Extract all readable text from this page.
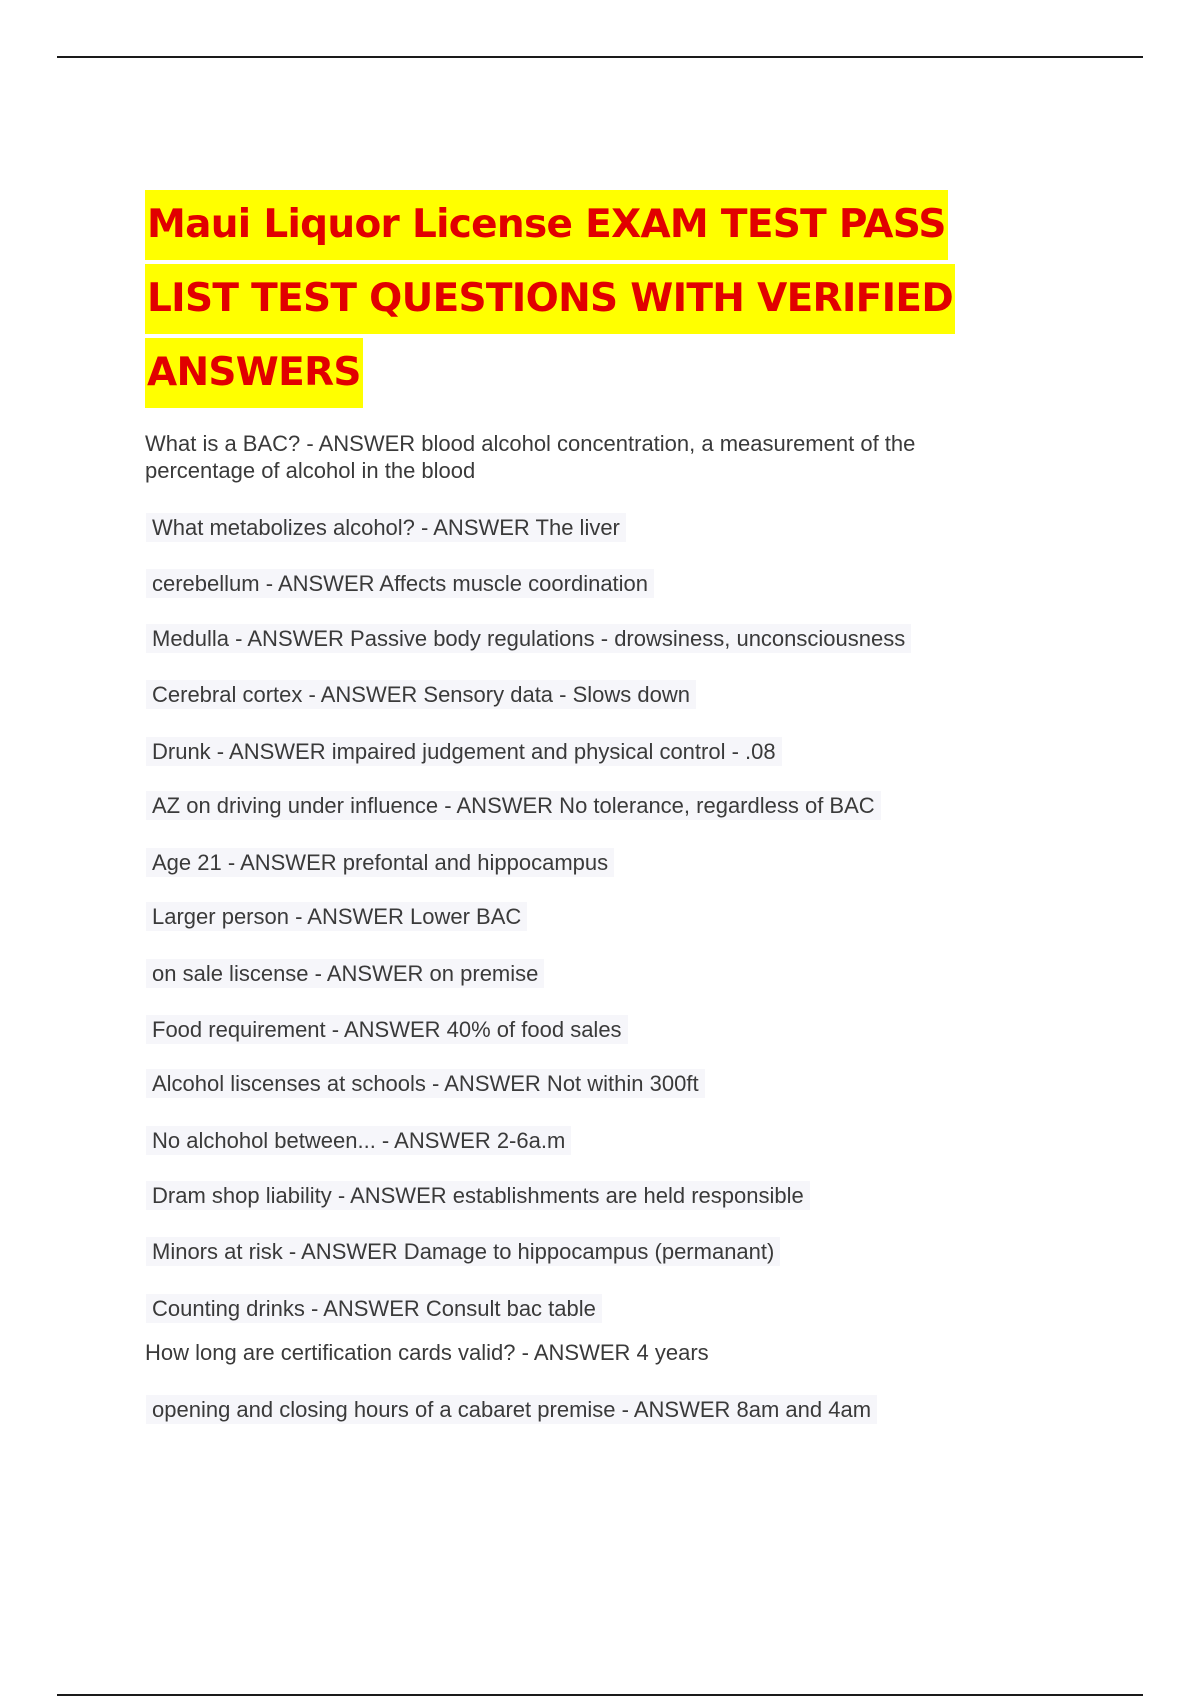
Maui Liquor License EXAM TEST PASS
LIST TEST QUESTIONS WITH VERIFIED
ANSWERS
What is a BAC? - ANSWER blood alcohol concentration, a measurement of the percentage of alcohol in the blood
What metabolizes alcohol? - ANSWER The liver
cerebellum - ANSWER Affects muscle coordination
Medulla - ANSWER Passive body regulations - drowsiness, unconsciousness
Cerebral cortex - ANSWER Sensory data - Slows down
Drunk - ANSWER impaired judgement and physical control - .08
AZ on driving under influence - ANSWER No tolerance, regardless of BAC
Age 21 - ANSWER prefontal and hippocampus
Larger person - ANSWER Lower BAC
on sale liscense - ANSWER on premise
Food requirement - ANSWER 40% of food sales
Alcohol liscenses at schools - ANSWER Not within 300ft
No alchohol between... - ANSWER 2-6a.m
Dram shop liability - ANSWER establishments are held responsible
Minors at risk - ANSWER Damage to hippocampus (permanant)
Counting drinks - ANSWER Consult bac table
How long are certification cards valid? - ANSWER 4 years
opening and closing hours of a cabaret premise - ANSWER 8am and 4am
